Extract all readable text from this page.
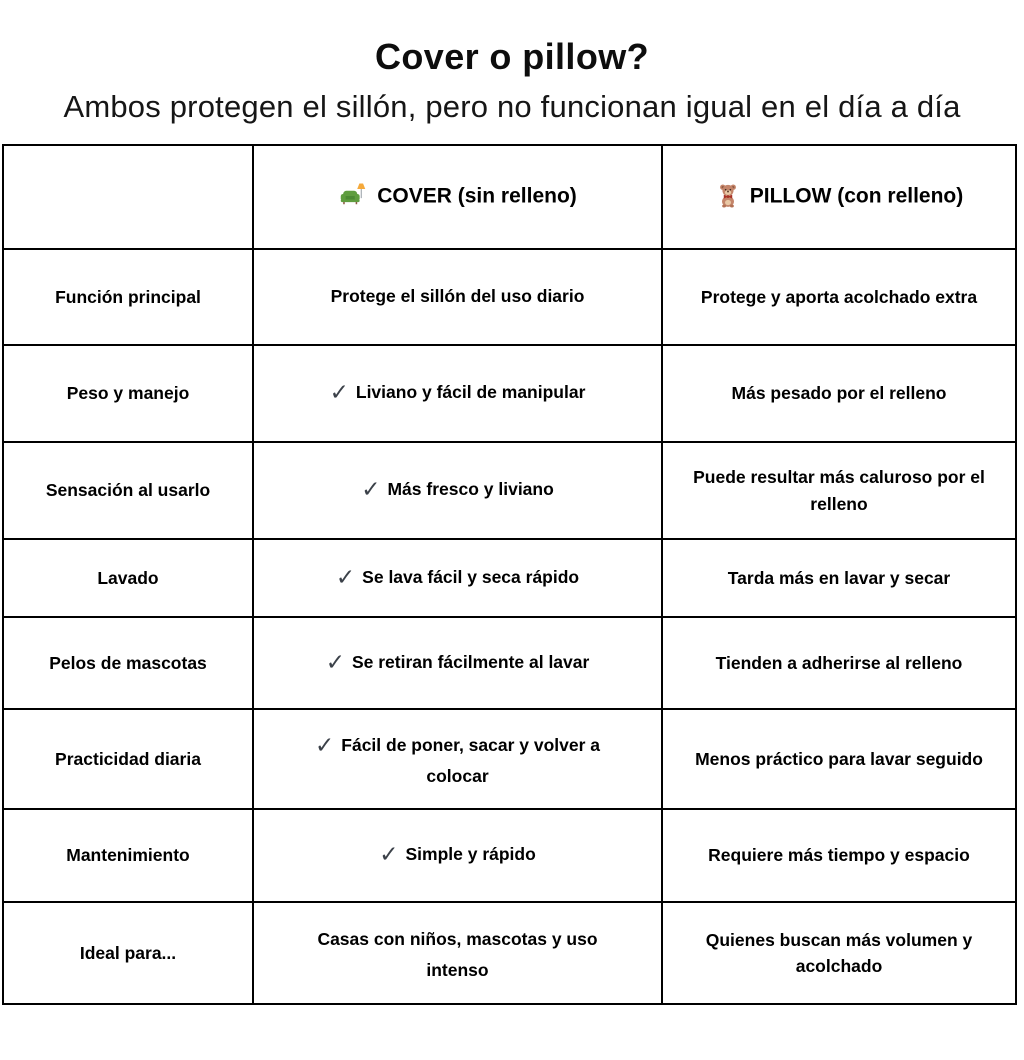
Cover o pillow?

Ambos protegen el sillón, pero no funcionan igual en el día a día

	COVER (sin relleno)	PILLOW (con relleno)
Función principal	Protege el sillón del uso diario	Protege y aporta acolchado extra
Peso y manejo	✓ Liviano y fácil de manipular	Más pesado por el relleno
Sensación al usarlo	✓ Más fresco y liviano	Puede resultar más caluroso por el relleno
Lavado	✓ Se lava fácil y seca rápido	Tarda más en lavar y secar
Pelos de mascotas	✓ Se retiran fácilmente al lavar	Tienden a adherirse al relleno
Practicidad diaria	✓ Fácil de poner, sacar y volver a colocar	Menos práctico para lavar seguido
Mantenimiento	✓ Simple y rápido	Requiere más tiempo y espacio
Ideal para...	Casas con niños, mascotas y uso intenso	Quienes buscan más volumen y acolchado
